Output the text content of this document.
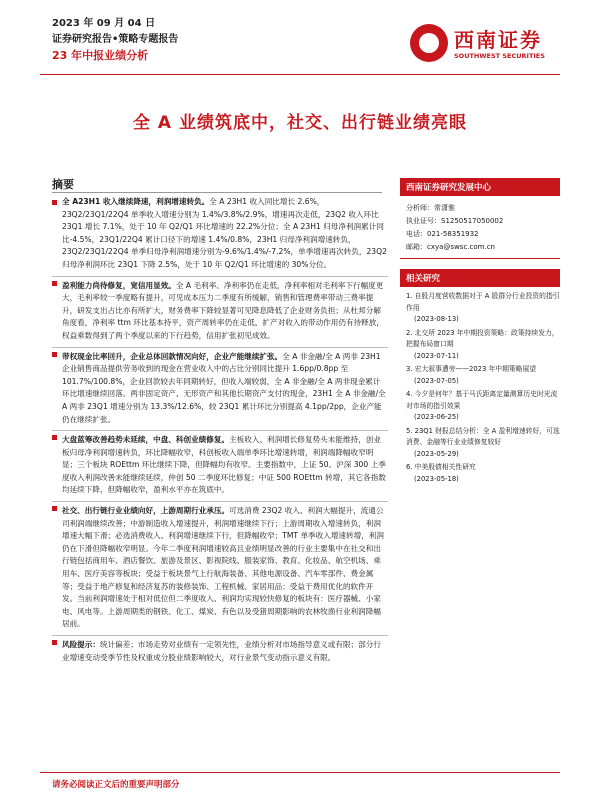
2023 年 09 月 04 日
证券研究报告•策略专题报告
23 年中报业绩分析
西南证券
SOUTHWEST SECURITIES
全 A 业绩筑底中，社交、出行链业绩亮眼
摘要

全 A23H1 收入继续降速，利润增速转负。全 A 23H1 收入同比增长 2.6%，23Q2/23Q1/22Q4 单季收入增速分别为 1.4%/3.8%/2.9%，增速再次走低，23Q2 收入环比 23Q1 增长 7.1%，处于 10 年 Q2/Q1 环比增速的 22.2%分位；全 A 23H1 归母净利润累计同比-4.5%，23Q1/22Q4 累计口径下的增速 1.4%/0.8%，23H1 归母净利润增速转负，23Q2/23Q1/22Q4 单季归母净利润增速分别为-9.6%/1.4%/-7.2%，单季增速再次转负，23Q2 归母净利润环比 23Q1 下降 2.5%，处于 10 年 Q2/Q1 环比增速的 30%分位。

盈利能力尚待修复，宽信用显效。全 A 毛利率、净利率仍在走低，净利率相对毛利率下行幅度更大，毛利率较一季度略有提升，可见成本压力二季度有所缓解，销售和管理费率带动三费率提升，研发支出占比亦有所扩大，财务费率下降较显著可见降息降低了企业财务负担；从杜邦分解角度看，净利率 ttm 环比基本持平，资产周转率仍在走低，扩产对收入的带动作用仍有待释放，权益乘数得到了两个季度以来的下行趋势，信用扩张初见成效。

带权现金比率回升，企业总体回款情况向好，企业产能继续扩张。全 A 非金融/全 A 两非 23H1 企业销售商品提供劳务收到的现金在营业收入中的占比分别同比提升 1.6pp/0.8pp 至 101.7%/100.8%，企业回款较去年同期转好，但收入端较弱，全 A 非金融/全 A 两非现金累计环比增速继续回落。两非固定资产、无形资产和其他长期资产支付的现金，23H1 全 A 非金融/全 A 两非 23Q1 增速分别为 13.3%/12.6%，较 23Q1 累计环比分别提高 4.1pp/2pp，企业产能仍在继续扩张。

大盘蓝筹改善趋势未延续，中盘、科创业绩修复。主板收入、利润增长修复势头未能维持，创业板归母净利润增速转负，环比降幅收窄，科创板收入端单季环比增速转增，利润端降幅收窄明显；三个板块 ROEttm 环比继续下降，但降幅均有收窄。主要指数中，上证 50、沪深 300 上季度收入利润改善未能继续延续，仲创 50 二季度环比修复；中证 500 ROEttm 转增，其它各指数均延续下降，但降幅收窄，盈利水平亦在筑底中。

社交、出行链行业业绩向好，上游周期行业承压。可选消费 23Q2 收入、利润大幅提升，流通公司利润端继续改善；中游制造收入增速提升，利润增速继续下行；上游周期收入增速转负，利润增速大幅下滑；必选消费收入、利润增速继续下行，但降幅收窄；TMT 单季收入增速转增，利润仍在下滑但降幅收窄明显。今年二季度利润增速较高且业绩明显改善的行业主要集中在社交和出行链包括商用车、酒店餐饮、旅游及景区、影视院线、服装家饰、教育、化妆品、航空机场、乘用车、医疗美容等板块；受益于板块景气上行航海装备、其他电源设备、汽车零部件、费金属等；受益于地产修复和经济复苏的装修装饰、工程机械、家居用品；受益于费用优化的软件开发。当前利润增速处于相对低位但二季度收入、利润均实现较快修复的板块有：医疗器械、小家电、风电等。上游周期类的钢铁、化工、煤炭、有色以及受猪周期影响的农林牧渔行业利润降幅居前。

风险提示：统计偏差；市场走势对业绩有一定领先性，业绩分析对市场指导意义或有限；部分行业增速变动受季节性及权重成分股业绩影响较大，对行业景气变动指示意义有限。

西南证券研究发展中心
分析师：常潇雅
执业证号：S1250517050002
电话：021-58351932
邮箱：cxya@swsc.com.cn
相关研究
1. 自股月度营收数据对于 A 股群分行业投资的指引作用
(2023-08-13)
2. 北交所 2023 年中期投资策略：政策持续发力，把握布局窗口期
(2023-07-11)
3. 宏大叙事遭旁——2023 年中期策略展望
(2023-07-05)
4. 今夕是何年？基于马氏距离定量测算历史时光流对市场的指引效果
(2023-06-25)
5. 23Q1 财报总结分析：全 A 盈利增速转好，可选消费、金融等行业业绩修复较好
(2023-05-29)
6. 中美股债相关性研究
(2023-05-18)
请务必阅读正文后的重要声明部分
